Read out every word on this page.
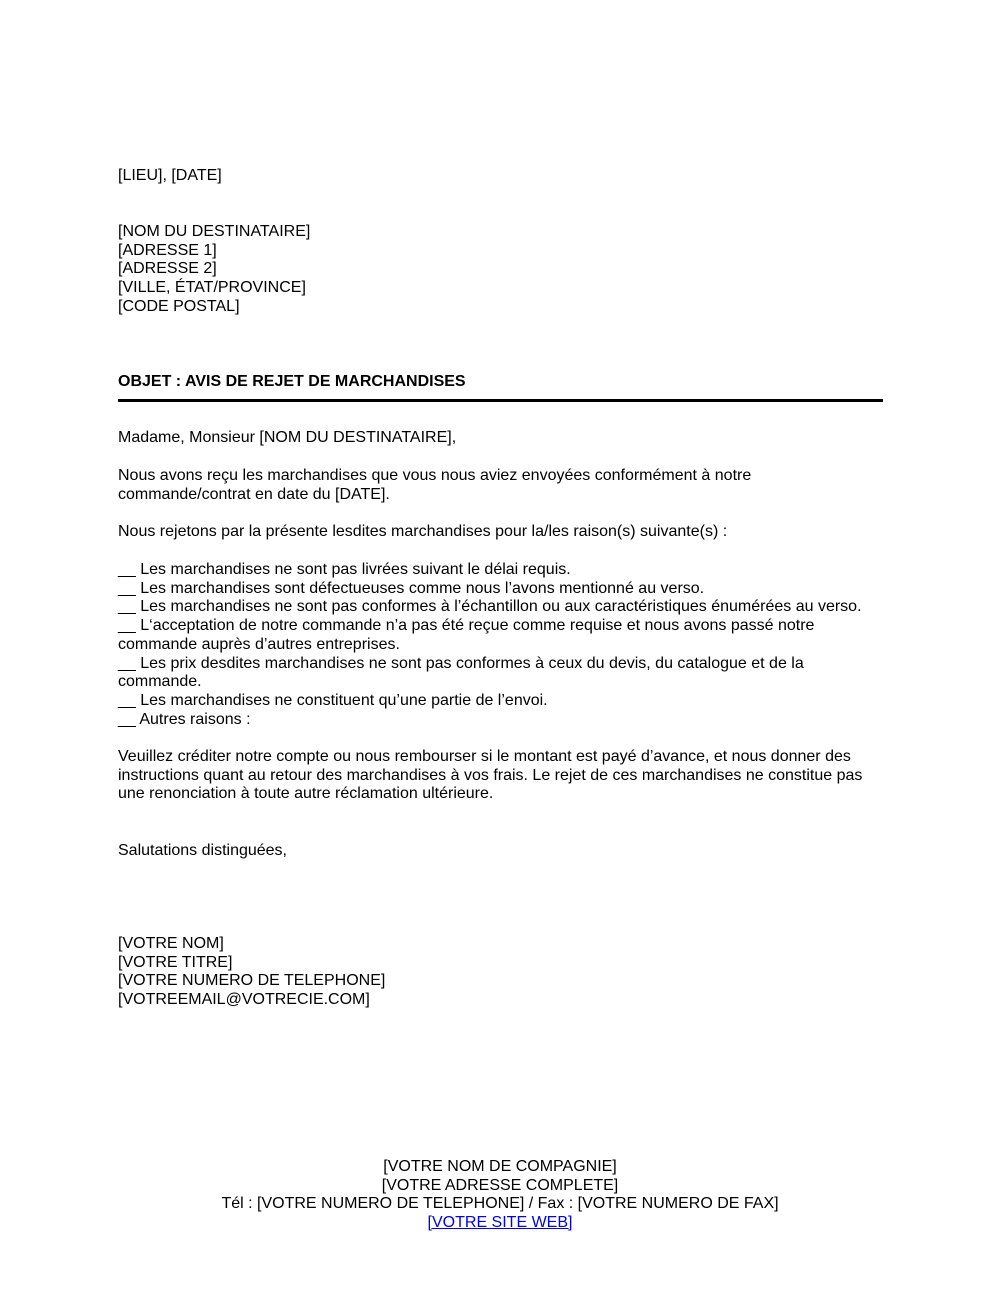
[LIEU], [DATE]
[NOM DU DESTINATAIRE]
[ADRESSE 1]
[ADRESSE 2]
[VILLE, ÉTAT/PROVINCE]
[CODE POSTAL]
OBJET : AVIS DE REJET DE MARCHANDISES
Madame, Monsieur [NOM DU DESTINATAIRE],
Nous avons reçu les marchandises que vous nous aviez envoyées conformément à notre
commande/contrat en date du [DATE].
Nous rejetons par la présente lesdites marchandises pour la/les raison(s) suivante(s) :
__ Les marchandises ne sont pas livrées suivant le délai requis.
__ Les marchandises sont défectueuses comme nous l’avons mentionné au verso.
__ Les marchandises ne sont pas conformes à l’échantillon ou aux caractéristiques énumérées au verso.
__ L‘acceptation de notre commande n’a pas été reçue comme requise et nous avons passé notre
commande auprès d’autres entreprises.
__ Les prix desdites marchandises ne sont pas conformes à ceux du devis, du catalogue et de la
commande.
__ Les marchandises ne constituent qu’une partie de l’envoi.
__ Autres raisons :
Veuillez créditer notre compte ou nous rembourser si le montant est payé d’avance, et nous donner des
instructions quant au retour des marchandises à vos frais. Le rejet de ces marchandises ne constitue pas
une renonciation à toute autre réclamation ultérieure.
Salutations distinguées,
[VOTRE NOM]
[VOTRE TITRE]
[VOTRE NUMERO DE TELEPHONE]
[VOTREEMAIL@VOTRECIE.COM]
[VOTRE NOM DE COMPAGNIE]
[VOTRE ADRESSE COMPLETE]
Tél : [VOTRE NUMERO DE TELEPHONE] / Fax : [VOTRE NUMERO DE FAX]
[VOTRE SITE WEB]
